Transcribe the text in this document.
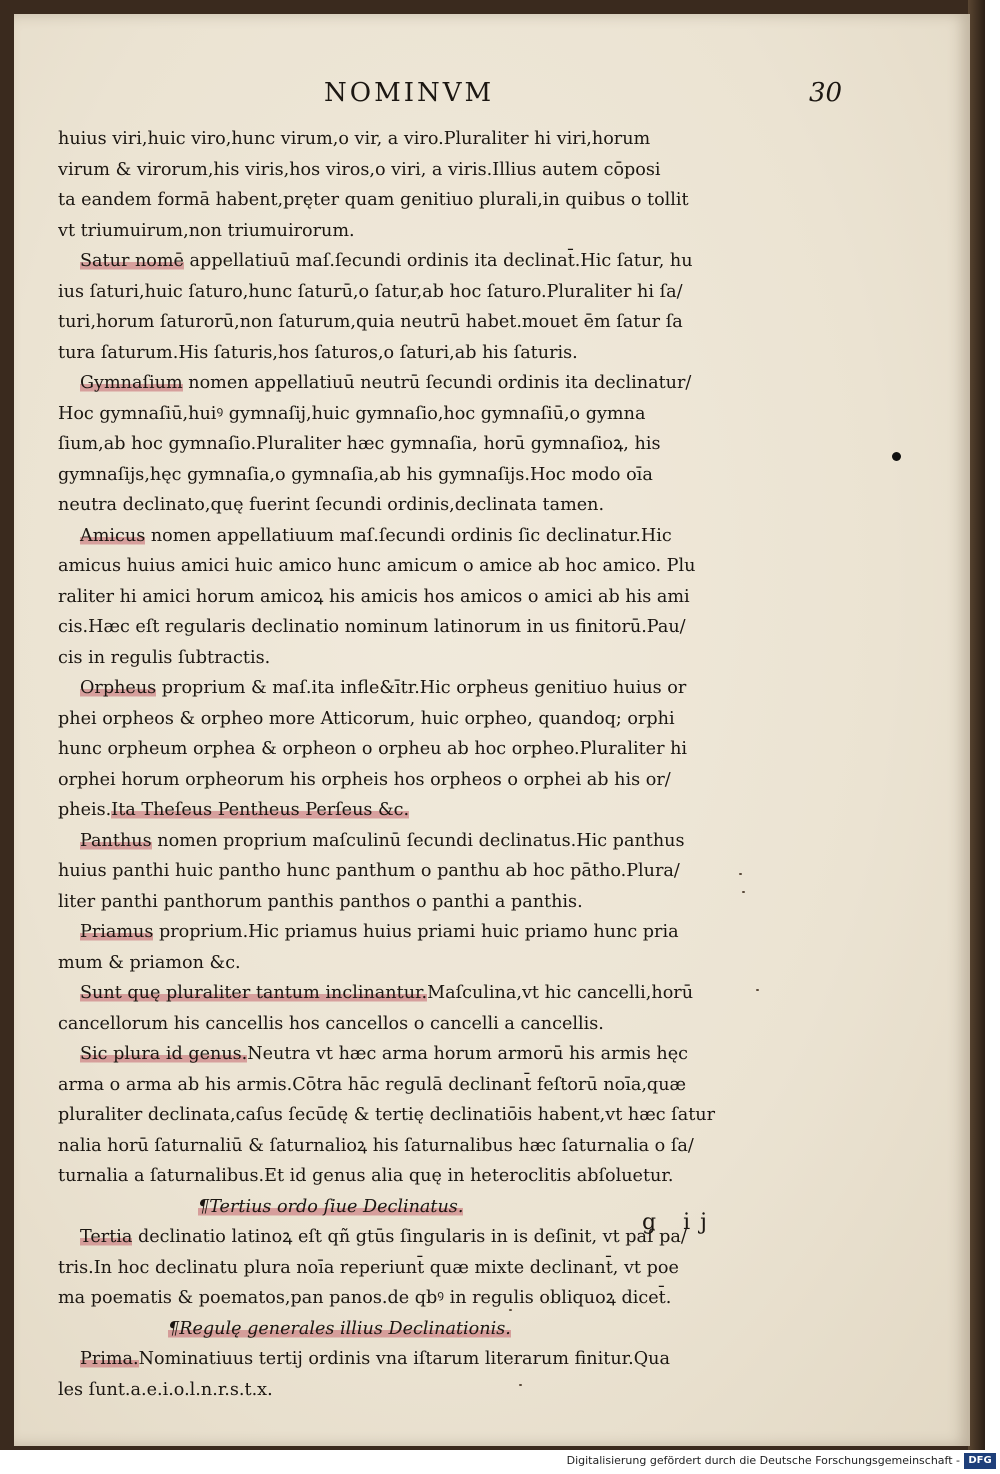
NOMINVM	30
huius viri,huic viro,hunc virum,o vir, a viro.Pluraliter hi viri,horum
virum & virorum,his viris,hos viros,o viri, a viris.Illius autem cōposi
ta eandem formā habent,pręter quam genitiuo plurali,in quibus o tollit
vt triumuirum,non triumuirorum.
Satur nomē appellatiuū maſ.ſecundi ordinis ita declinat̄.Hic ſatur, hu
ius ſaturi,huic ſaturo,hunc ſaturū,o ſatur,ab hoc ſaturo.Pluraliter hi ſa/
turi,horum ſaturorū,non ſaturum,quia neutrū habet.mouet ēm ſatur ſa
tura ſaturum.His ſaturis,hos ſaturos,o ſaturi,ab his ſaturis.
Gymnaſium nomen appellatiuū neutrū ſecundi ordinis ita declinatur/
Hoc gymnaſiū,huiꝰ gymnaſij,huic gymnaſio,hoc gymnaſiū,o gymna
ſium,ab hoc gymnaſio.Pluraliter hæc gymnaſia, horū gymnaſioꝝ, his
gymnaſijs,hęc gymnaſia,o gymnaſia,ab his gymnaſijs.Hoc modo oīa
neutra declinato,quę fuerint ſecundi ordinis,declinata tamen.
Amicus nomen appellatiuum maſ.ſecundi ordinis ſic declinatur.Hic
amicus huius amici huic amico hunc amicum o amice ab hoc amico. Plu
raliter hi amici horum amicoꝝ his amicis hos amicos o amici ab his ami
cis.Hæc eſt regularis declinatio nominum latinorum in us finitorū.Pau/
cis in regulis ſubtractis.
Orpheus proprium & maſ.ita infle&ītr.Hic orpheus genitiuo huius or
phei orpheos & orpheo more Atticorum, huic orpheo, quandoq; orphi
hunc orpheum orphea & orpheon o orpheu ab hoc orpheo.Pluraliter hi
orphei horum orpheorum his orpheis hos orpheos o orphei ab his or/
pheis.Ita Theſeus Pentheus Perſeus &c.
Panthus nomen proprium maſculinū ſecundi declinatus.Hic panthus
huius panthi huic pantho hunc panthum o panthu ab hoc pātho.Plura/
liter panthi panthorum panthis panthos o panthi a panthis.
Priamus proprium.Hic priamus huius priami huic priamo hunc pria
mum & priamon &c.
Sunt quę pluraliter tantum inclinantur.Maſculina,vt hic cancelli,horū
cancellorum his cancellis hos cancellos o cancelli a cancellis.
Sic plura id genus.Neutra vt hæc arma horum armorū his armis hęc
arma o arma ab his armis.Cōtra hāc regulā declinant̄ feſtorū noīa,quæ
pluraliter declinata,caſus ſecūdę & tertię declinatiōis habent,vt hæc ſatur
nalia horū ſaturnaliū & ſaturnalioꝝ his ſaturnalibus hæc ſaturnalia o ſa/
turnalia a ſaturnalibus.Et id genus alia quę in heteroclitis abſoluetur.
¶Tertius ordo ſiue Declinatus.
Tertia declinatio latinoꝝ eſt qñ gtūs ſingularis in is deſinit, vt paſ pa/
tris.In hoc declinatu plura noīa reperiunt̄ quæ mixte declinant̄, vt poe
ma poematis & poematos,pan panos.de qbꝰ in regulis obliquoꝝ dicet̄.
¶Regulę generales illius Declinationis.
Prima.Nominatiuus tertij ordinis vna iſtarum literarum finitur.Qua
les ſunt.a.e.i.o.l.n.r.s.t.x.
g ij
Digitalisierung gefördert durch die Deutsche Forschungsgemeinschaft - DFG
